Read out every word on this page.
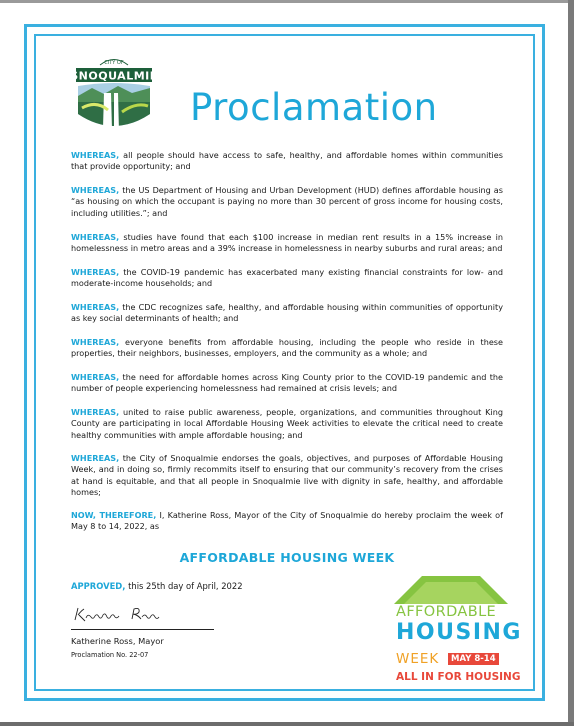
CITY OF
SNOQUALMIE
Proclamation

WHEREAS, all people should have access to safe, healthy, and affordable homes within communities that provide opportunity; and

WHEREAS, the US Department of Housing and Urban Development (HUD) defines affordable housing as “as housing on which the occupant is paying no more than 30 percent of gross income for housing costs, including utilities.”; and

WHEREAS, studies have found that each $100 increase in median rent results in a 15% increase in homelessness in metro areas and a 39% increase in homelessness in nearby suburbs and rural areas; and

WHEREAS, the COVID-19 pandemic has exacerbated many existing financial constraints for low- and moderate-income households; and

WHEREAS, the CDC recognizes safe, healthy, and affordable housing within communities of opportunity as key social determinants of health; and

WHEREAS, everyone benefits from affordable housing, including the people who reside in these properties, their neighbors, businesses, employers, and the community as a whole; and

WHEREAS, the need for affordable homes across King County prior to the COVID-19 pandemic and the number of people experiencing homelessness had remained at crisis levels; and

WHEREAS, united to raise public awareness, people, organizations, and communities throughout King County are participating in local Affordable Housing Week activities to elevate the critical need to create healthy communities with ample affordable housing; and

WHEREAS, the City of Snoqualmie endorses the goals, objectives, and purposes of Affordable Housing Week, and in doing so, firmly recommits itself to ensuring that our community’s recovery from the crises at hand is equitable, and that all people in Snoqualmie live with dignity in safe, healthy, and affordable homes;

NOW, THEREFORE, I, Katherine Ross, Mayor of the City of Snoqualmie do hereby proclaim the week of May 8 to 14, 2022, as

AFFORDABLE HOUSING WEEK
APPROVED, this 25th day of April, 2022
Katherine Ross, Mayor
Proclamation No. 22-07
AFFORDABLE
HOUSING
WEEK	MAY 8-14
ALL IN FOR HOUSING
